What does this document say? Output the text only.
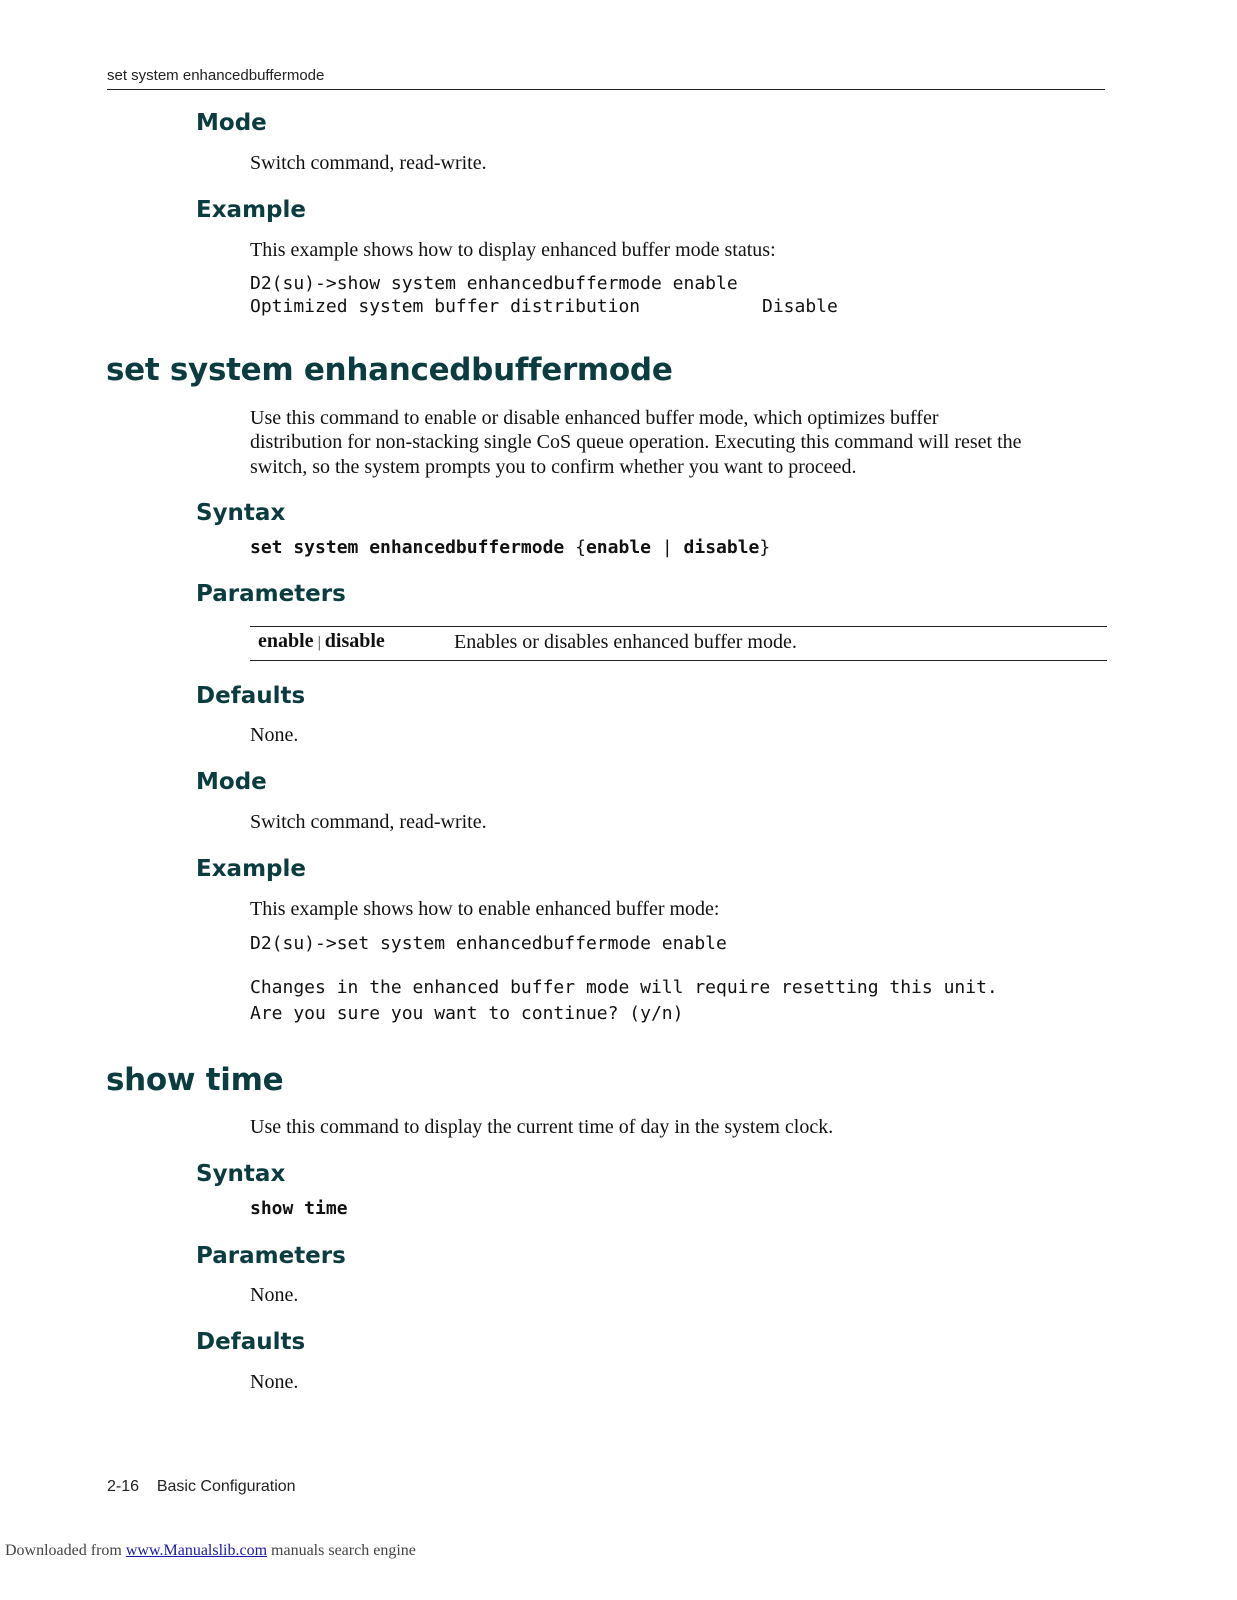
set system enhancedbuffermode
Mode
Switch command, read-write.
Example
This example shows how to display enhanced buffer mode status:
D2(su)->show system enhancedbuffermode enable
Optimized system buffer distribution	Disable
set system enhancedbuffermode
Use this command to enable or disable enhanced buffer mode, which optimizes buffer
distribution for non-stacking single CoS queue operation. Executing this command will reset the
switch, so the system prompts you to confirm whether you want to proceed.
Syntax
set system enhancedbuffermode {enable | disable}
Parameters
enable | disable	Enables or disables enhanced buffer mode.
Defaults
None.
Mode
Switch command, read-write.
Example
This example shows how to enable enhanced buffer mode:
D2(su)->set system enhancedbuffermode enable
Changes in the enhanced buffer mode will require resetting this unit.
Are you sure you want to continue? (y/n)
show time
Use this command to display the current time of day in the system clock.
Syntax
show time
Parameters
None.
Defaults
None.
2-16 Basic Configuration
Downloaded from www.Manualslib.com manuals search engine
